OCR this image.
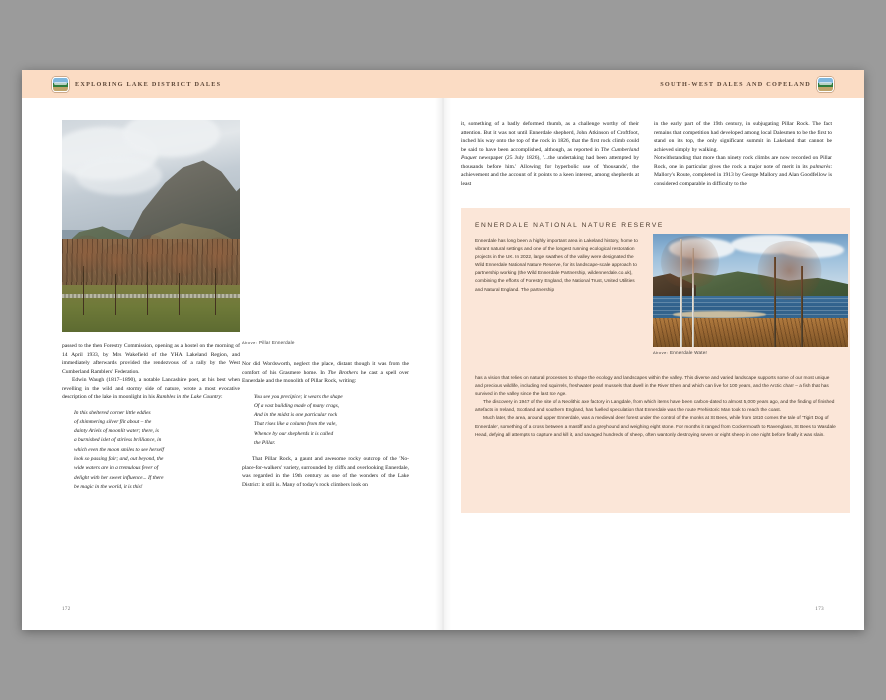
EXPLORING LAKE DISTRICT DALES	SOUTH-WEST DALES AND COPELAND
Above: Pillar Ennerdale

passed to the then Forestry Commission, opening as a hostel on the morning of 14 April 1933, by Mrs Wakefield of the YHA Lakeland Region, and immediately afterwards provided the rendezvous of a rally by the West Cumberland Ramblers' Federation.

Edwin Waugh (1817–1890), a notable Lancashire poet, at his best when revelling in the wild and stormy side of nature, wrote a most evocative description of the lake in moonlight in his Rambles in the Lake Country:

In this sheltered corner little eddies
of shimmering silver flit about – the
dainty Ariels of moonlit water; there, is
a burnished islet of stirless brilliance, in
which even the moon smiles to see herself
look so passing fair; and, out beyond, the
wide waters are in a tremulous fever of
delight with her sweet influence... If there
be magic in the world, it is this!

Nor did Wordsworth, neglect the place, distant though it was from the comfort of his Grasmere home. In The Brothers he cast a spell over Ennerdale and the monolith of Pillar Rock, writing:

You see you precipice; it wears the shape
Of a vast building made of many crags,
And in the midst is one particular rock
That rises like a column from the vale,
Whence by our shepherds it is called
the Pillar.

That Pillar Rock, a gaunt and awesome rocky outcrop of the 'No-place-for-walkers' variety, surrounded by cliffs and overlooking Ennerdale, was regarded in the 19th century as one of the wonders of the Lake District: it still is. Many of today's rock climbers look on

172

it, something of a badly deformed thumb, as a challenge worthy of their attention. But it was not until Ennerdale shepherd, John Atkinson of Croftfoot, inched his way onto the top of the rock in 1826, that the first rock climb could be said to have been accomplished, although, as reported in The Cumberland Paquet newspaper (25 July 1826), '...the undertaking had been attempted by thousands before him.' Allowing for hyperbolic use of 'thousands', the achievement and the account of it points to a keen interest, among shepherds at least

in the early part of the 19th century, in subjugating Pillar Rock. The fact remains that competition had developed among local Dalesmen to be the first to stand on its top, the only significant summit in Lakeland that cannot be achieved simply by walking.

Notwithstanding that more than ninety rock climbs are now recorded on Pillar Rock, one in particular gives the rock a major note of merit in its palmarès: Mallory's Route, completed in 1913 by George Mallory and Alan Goodfellow is considered comparable in difficulty to the

ENNERDALE NATIONAL NATURE RESERVE
Above: Ennerdale Water

Ennerdale has long been a highly important area in Lakeland history, home to vibrant natural settings and one of the longest running ecological restoration projects in the UK. In 2022, large swathes of the valley were designated the Wild Ennerdale National Nature Reserve, for its landscape-scale approach to partnership working (the Wild Ennerdale Partnership, wildennerdale.co.uk), combining the efforts of Forestry England, the National Trust, United Utilities and Natural England. The partnership

has a vision that relies on natural processes to shape the ecology and landscapes within the valley. This diverse and varied landscape supports some of our most unique and precious wildlife, including red squirrels, freshwater pearl mussels that dwell in the River Ehen and which can live for 100 years, and the Arctic charr – a fish that has survived in the valley since the last Ice Age.

The discovery in 1947 of the site of a Neolithic axe factory in Langdale, from which items have been carbon-dated to almost 5,000 years ago, and the finding of finished artefacts in Ireland, Scotland and southern England, has fuelled speculation that Ennerdale was the route Prehistoric Man took to reach the coast.

Much later, the area, around upper Ennerdale, was a medieval deer forest under the control of the monks at St Bees, while from 1810 comes the tale of 'Tigirt Dog of Ennerdale', something of a cross between a mastiff and a greyhound and weighing eight stone. For months it ranged from Cockermouth to Ravenglass, St Bees to Wasdale Head, defying all attempts to capture and kill it, and savaged hundreds of sheep, often wantonly destroying seven or eight sheep in one night before finally it was slain.

173
